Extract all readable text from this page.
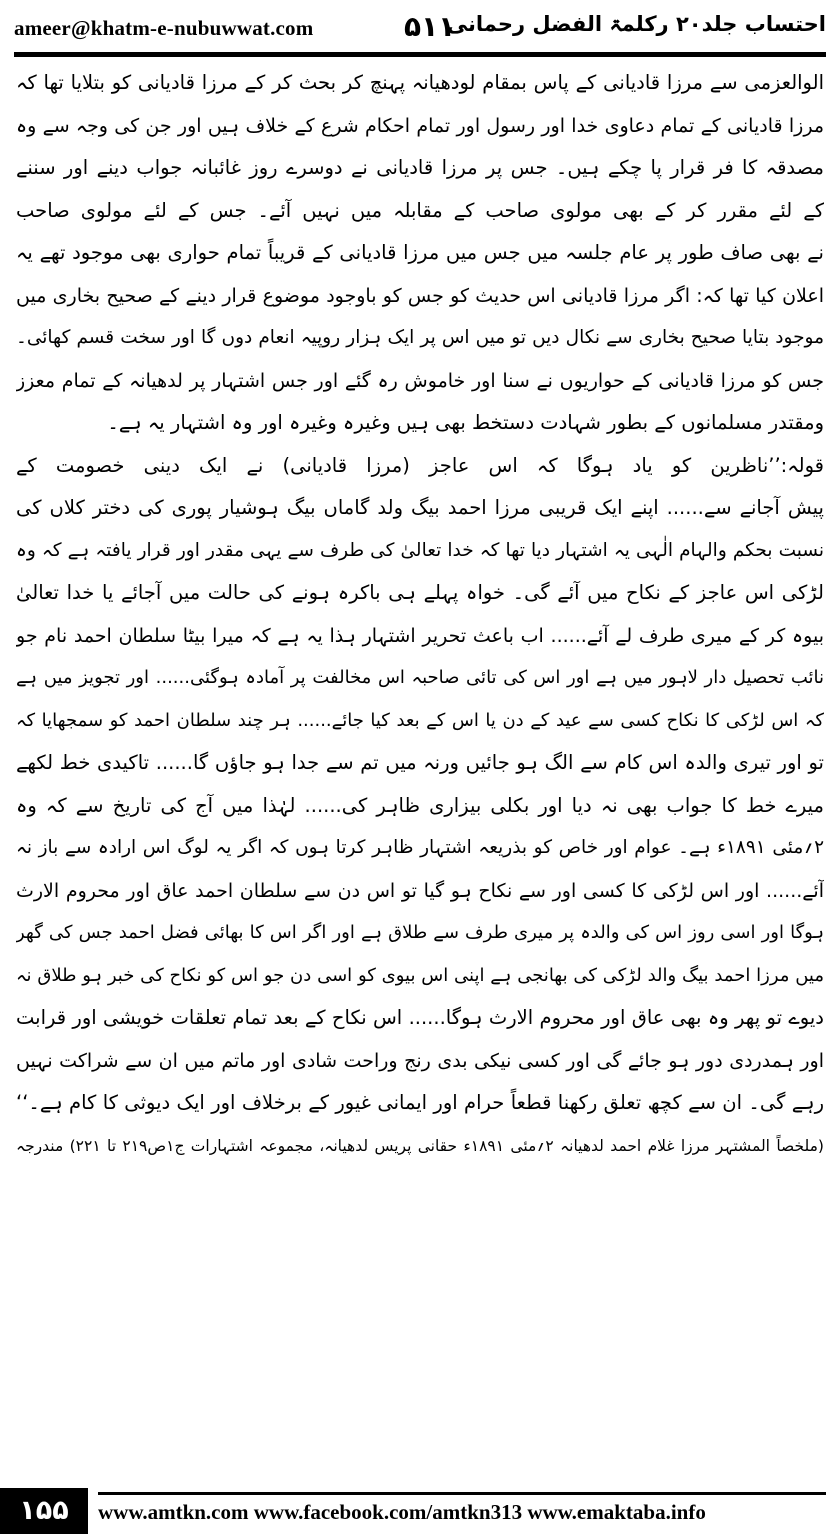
ameer@khatm-e-nubuwwat.com	۵۱۱
احتساب جلد۲۰ رکلمۃ الفضل رحمانی
الوالعزمی سے مرزا قادیانی کے پاس بمقام لودھیانہ پہنچ کر بحث کر کے مرزا قادیانی کو بتلایا تھا کہ
مرزا قادیانی کے تمام دعاوی خدا اور رسول اور تمام احکام شرع کے خلاف ہیں اور جن کی وجہ سے وہ
مصدقہ کا فر قرار پا چکے ہیں۔ جس پر مرزا قادیانی نے دوسرے روز غائبانہ جواب دینے اور سننے
کے لئے مقرر کر کے بھی مولوی صاحب کے مقابلہ میں نہیں آئے۔ جس کے لئے مولوی صاحب
نے بھی صاف طور پر عام جلسہ میں جس میں مرزا قادیانی کے قریباً تمام حواری بھی موجود تھے یہ
اعلان کیا تھا کہ: اگر مرزا قادیانی اس حدیث کو جس کو باوجود موضوع قرار دینے کے صحیح بخاری میں
موجود بتایا صحیح بخاری سے نکال دیں تو میں اس پر ایک ہزار روپیہ انعام دوں گا اور سخت قسم کھائی۔
جس کو مرزا قادیانی کے حواریوں نے سنا اور خاموش رہ گئے اور جس اشتہار پر لدھیانہ کے تمام معزز
ومقتدر مسلمانوں کے بطور شہادت دستخط بھی ہیں وغیرہ وغیرہ اور وہ اشتہار یہ ہے۔
قولہ:’’ناظرین کو یاد ہوگا کہ اس عاجز (مرزا قادیانی) نے ایک دینی خصومت کے
پیش آجانے سے...... اپنے ایک قریبی مرزا احمد بیگ ولد گاماں بیگ ہوشیار پوری کی دختر کلاں کی
نسبت بحکم والہام الٰہی یہ اشتہار دیا تھا کہ خدا تعالیٰ کی طرف سے یہی مقدر اور قرار یافتہ ہے کہ وہ
لڑکی اس عاجز کے نکاح میں آئے گی۔ خواہ پہلے ہی باکرہ ہونے کی حالت میں آجائے یا خدا تعالیٰ
بیوہ کر کے میری طرف لے آئے...... اب باعث تحریر اشتہار ہذا یہ ہے کہ میرا بیٹا سلطان احمد نام جو
نائب تحصیل دار لاہور میں ہے اور اس کی تائی صاحبہ اس مخالفت پر آمادہ ہوگئی...... اور تجویز میں ہے
کہ اس لڑکی کا نکاح کسی سے عید کے دن یا اس کے بعد کیا جائے...... ہر چند سلطان احمد کو سمجھایا کہ
تو اور تیری والدہ اس کام سے الگ ہو جائیں ورنہ میں تم سے جدا ہو جاؤں گا...... تاکیدی خط لکھے
میرے خط کا جواب بھی نہ دیا اور بکلی بیزاری ظاہر کی...... لہٰذا میں آج کی تاریخ سے کہ وہ
۲؍مئی ۱۸۹۱ء ہے۔ عوام اور خاص کو بذریعہ اشتہار ظاہر کرتا ہوں کہ اگر یہ لوگ اس ارادہ سے باز نہ
آئے...... اور اس لڑکی کا کسی اور سے نکاح ہو گیا تو اس دن سے سلطان احمد عاق اور محروم الارث
ہوگا اور اسی روز اس کی والدہ پر میری طرف سے طلاق ہے اور اگر اس کا بھائی فضل احمد جس کی گھر
میں مرزا احمد بیگ والد لڑکی کی بھانجی ہے اپنی اس بیوی کو اسی دن جو اس کو نکاح کی خبر ہو طلاق نہ
دیوے تو پھر وہ بھی عاق اور محروم الارث ہوگا...... اس نکاح کے بعد تمام تعلقات خویشی اور قرابت
اور ہمدردی دور ہو جائے گی اور کسی نیکی بدی رنج وراحت شادی اور ماتم میں ان سے شراکت نہیں
رہے گی۔ ان سے کچھ تعلق رکھنا قطعاً حرام اور ایمانی غیور کے برخلاف اور ایک دیوثی کا کام ہے۔‘‘
(ملخصاً المشتہر مرزا غلام احمد لدھیانہ ۲؍مئی ۱۸۹۱ء حقانی پریس لدھیانہ، مجموعہ اشتہارات ج۱ص۲۱۹ تا ۲۲۱) مندرجہ
۱۵۵	www.amtkn.com www.facebook.com/amtkn313 www.emaktaba.info
